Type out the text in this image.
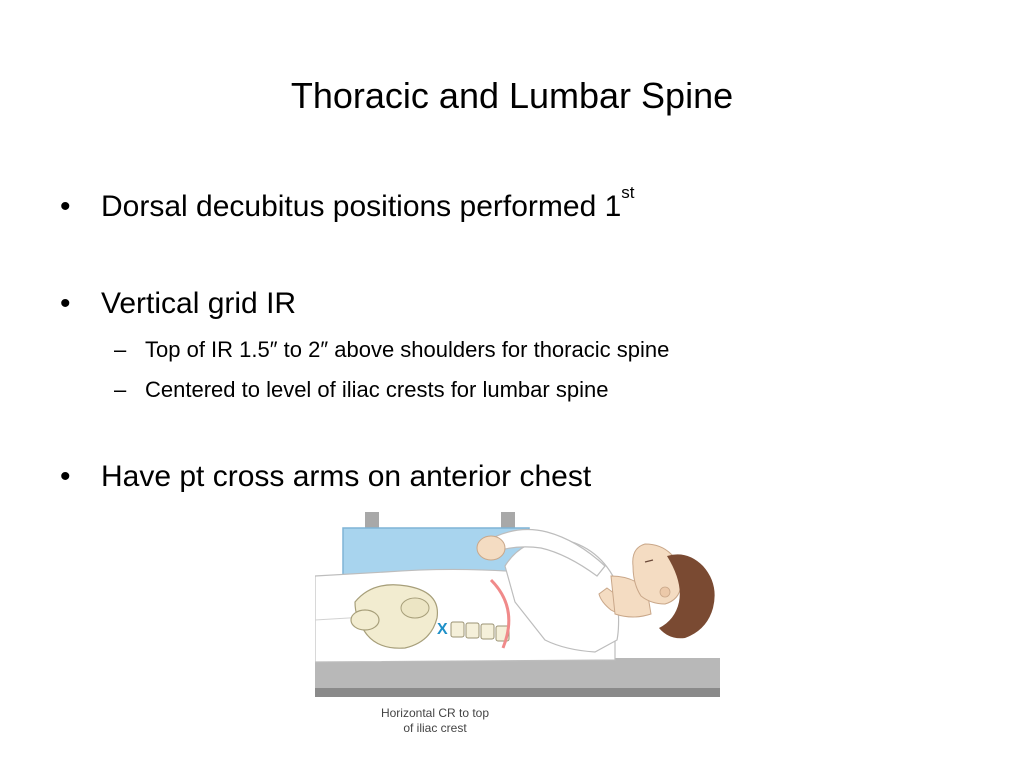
Thoracic and Lumbar Spine
• Dorsal decubitus positions performed 1st
• Vertical grid IR
– Top of IR 1.5″ to 2″ above shoulders for thoracic spine
– Centered to level of iliac crests for lumbar spine
• Have pt cross arms on anterior chest
X
Horizontal CR to top
of iliac crest
